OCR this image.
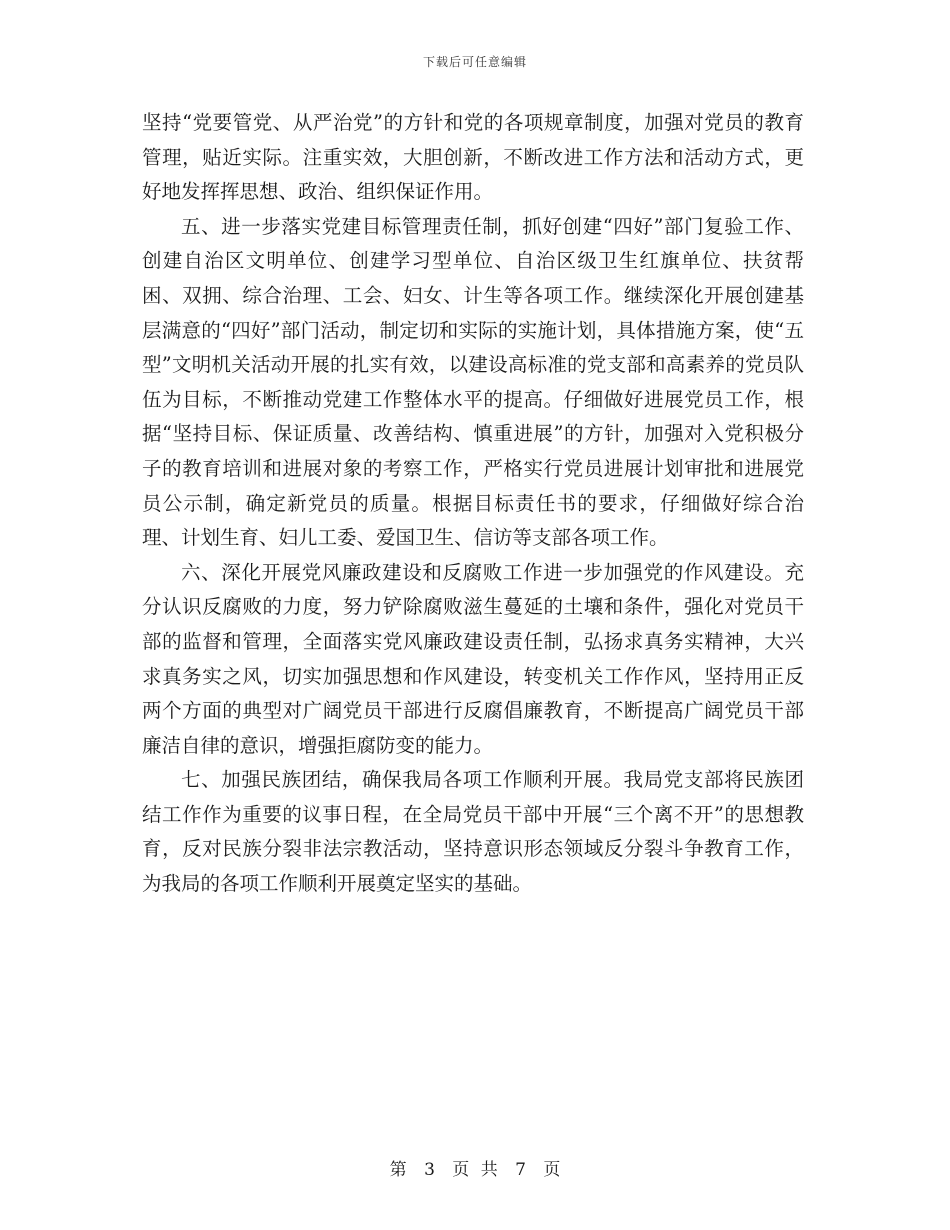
下载后可任意编辑

坚持“党要管党、从严治党”的方针和党的各项规章制度，加强对党员的教育管理，贴近实际。注重实效，大胆创新，不断改进工作方法和活动方式，更好地发挥挥思想、政治、组织保证作用。

五、进一步落实党建目标管理责任制，抓好创建“四好”部门复验工作、创建自治区文明单位、创建学习型单位、自治区级卫生红旗单位、扶贫帮困、双拥、综合治理、工会、妇女、计生等各项工作。继续深化开展创建基层满意的“四好”部门活动，制定切和实际的实施计划，具体措施方案，使“五型”文明机关活动开展的扎实有效，以建设高标准的党支部和高素养的党员队伍为目标，不断推动党建工作整体水平的提高。仔细做好进展党员工作，根据“坚持目标、保证质量、改善结构、慎重进展”的方针，加强对入党积极分子的教育培训和进展对象的考察工作，严格实行党员进展计划审批和进展党员公示制，确定新党员的质量。根据目标责任书的要求，仔细做好综合治理、计划生育、妇儿工委、爱国卫生、信访等支部各项工作。

六、深化开展党风廉政建设和反腐败工作进一步加强党的作风建设。充分认识反腐败的力度，努力铲除腐败滋生蔓延的土壤和条件，强化对党员干部的监督和管理，全面落实党风廉政建设责任制，弘扬求真务实精神，大兴求真务实之风，切实加强思想和作风建设，转变机关工作作风，坚持用正反两个方面的典型对广阔党员干部进行反腐倡廉教育，不断提高广阔党员干部廉洁自律的意识，增强拒腐防变的能力。

七、加强民族团结，确保我局各项工作顺利开展。我局党支部将民族团结工作作为重要的议事日程，在全局党员干部中开展“三个离不开”的思想教育，反对民族分裂非法宗教活动，坚持意识形态领域反分裂斗争教育工作，为我局的各项工作顺利开展奠定坚实的基础。

第 3 页 共 7 页
